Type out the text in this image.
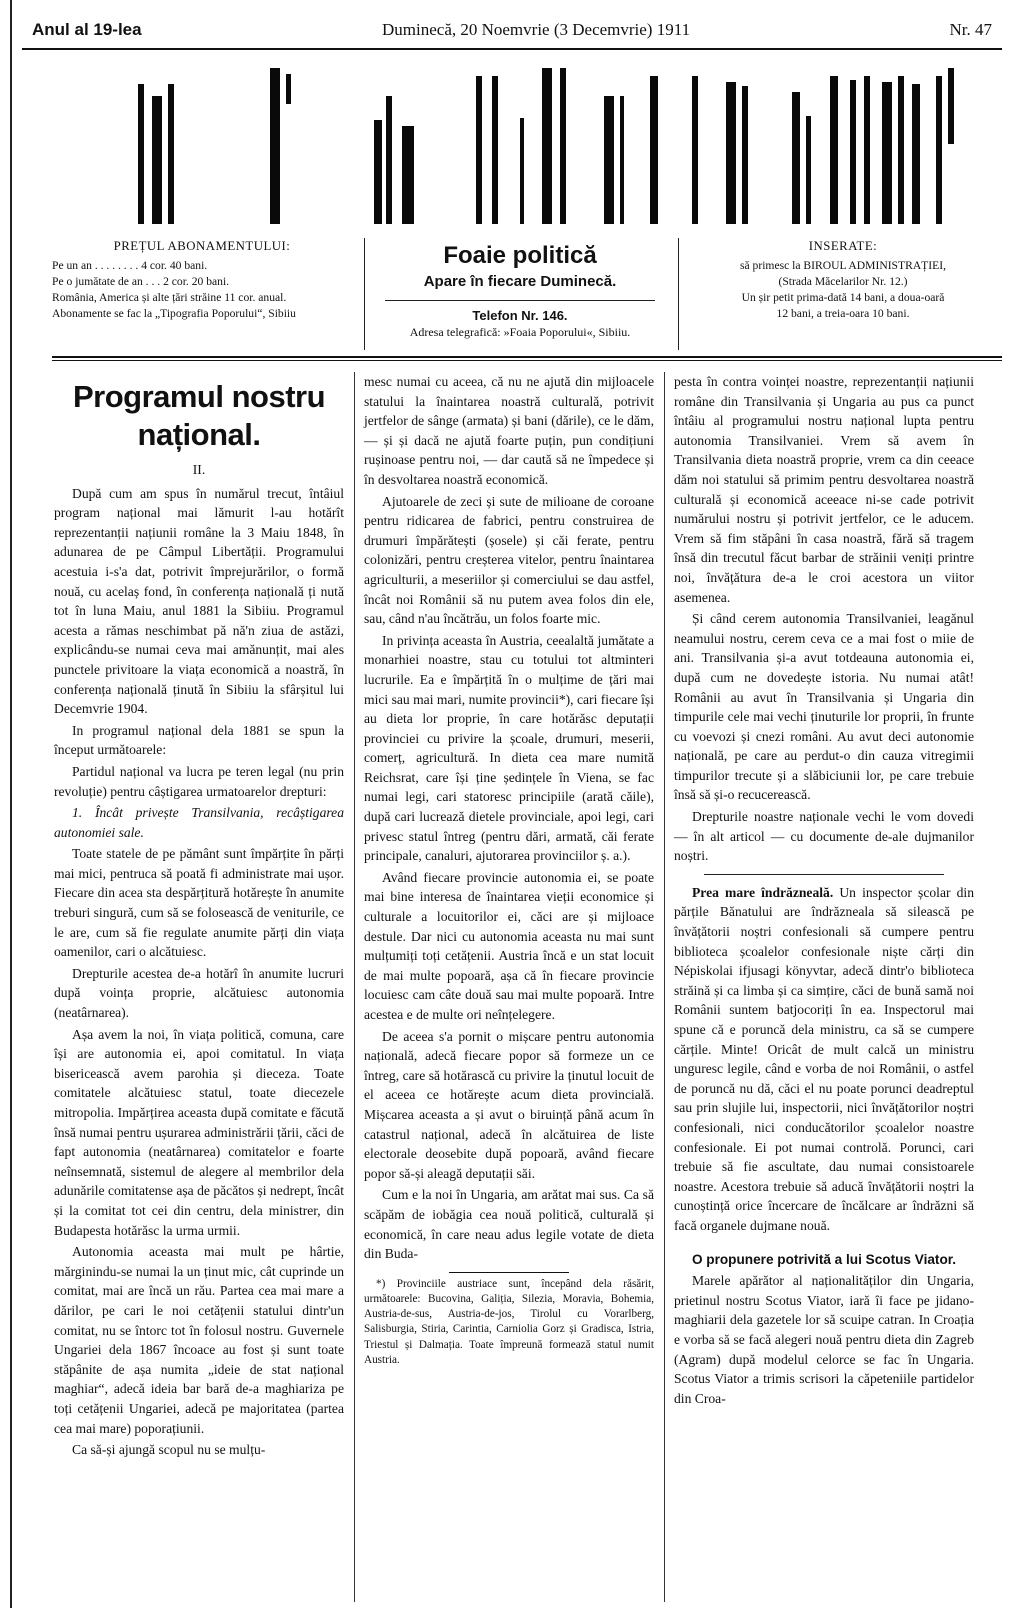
Anul al 19-lea	Duminecă, 20 Noemvrie (3 Decemvrie) 1911	Nr. 47

PREȚUL ABONAMENTULUI:

Pe un an . . . . . . . . 4 cor. 40 bani.

Pe o jumătate de an . . . 2 cor. 20 bani.

România, America și alte țări străine 11 cor. anual.

Abonamente se fac la „Tipografia Poporului“, Sibiiu

Foaie politică

Apare în fiecare Duminecă.

Telefon Nr. 146.

Adresa telegrafică: »Foaia Poporului«, Sibiiu.

INSERATE:

să primesc la BIROUL ADMINISTRAȚIEI,

(Strada Măcelarilor Nr. 12.)

Un șir petit prima-dată 14 bani, a doua-oară

12 bani, a treia-oara 10 bani.

Programul nostru național.

II.

După cum am spus în numărul trecut, întâiul program național mai lămurit l-au hotărît reprezentanții națiunii române la 3 Maiu 1848, în adunarea de pe Câmpul Libertății. Programului acestuia i-s'a dat, potrivit împrejurărilor, o formă nouă, cu acelaș fond, în conferența națională ți nută tot în luna Maiu, anul 1881 la Sibiiu. Programul acesta a rămas neschimbat pă nă'n ziua de astăzi, explicându-se numai ceva mai amănunțit, mai ales punctele privitoare la viața economică a noastră, în conferența națională ținută în Sibiiu la sfârșitul lui Decemvrie 1904.

In programul național dela 1881 se spun la început următoarele:

Partidul național va lucra pe teren legal (nu prin revoluție) pentru câștigarea urmatoarelor drepturi:

1. Încât privește Transilvania, recâștigarea autonomiei sale.

Toate statele de pe pământ sunt împărțite în părți mai mici, pentruca să poată fi administrate mai ușor. Fiecare din acea sta despărțitură hotărește în anumite treburi singură, cum să se folosească de veniturile, ce le are, cum să fie regulate anumite părți din viața oamenilor, cari o alcătuiesc.

Drepturile acestea de-a hotărî în anumite lucruri după voința proprie, alcătuiesc autonomia (neatârnarea).

Așa avem la noi, în viața politică, comuna, care își are autonomia ei, apoi comitatul. In viața bisericească avem parohia și dieceza. Toate comitatele alcătuiesc statul, toate diecezele mitropolia. Impărțirea aceasta după comitate e făcută însă numai pentru ușurarea administrării țării, căci de fapt autonomia (neatârnarea) comitatelor e foarte neînsemnată, sistemul de alegere al membrilor dela adunările comitatense așa de păcătos și nedrept, încât și la comitat tot cei din centru, dela ministrer, din Budapesta hotărăsc la urma urmii.

Autonomia aceasta mai mult pe hârtie, mărginindu-se numai la un ținut mic, cât cuprinde un comitat, mai are încă un rău. Partea cea mai mare a dărilor, pe cari le noi cetățenii statului dintr'un comitat, nu se întorc tot în folosul nostru. Guvernele Ungariei dela 1867 încoace au fost și sunt toate stăpânite de așa numita „ideie de stat național maghiar“, adecă ideia bar bară de-a maghiariza pe toți cetățenii Ungariei, adecă pe majoritatea (partea cea mai mare) poporațiunii.

Ca să-și ajungă scopul nu se mulțu-

mesc numai cu aceea, că nu ne ajută din mijloacele statului la înaintarea noastră culturală, potrivit jertfelor de sânge (armata) și bani (dările), ce le dăm, — și și dacă ne ajută foarte puțin, pun condițiuni rușinoase pentru noi, — dar caută să ne împedece și în desvoltarea noastră economică.

Ajutoarele de zeci și sute de milioane de coroane pentru ridicarea de fabrici, pentru construirea de drumuri împărătești (șosele) și căi ferate, pentru colonizări, pentru creșterea vitelor, pentru înaintarea agriculturii, a meseriilor și comerciului se dau astfel, încât noi Românii să nu putem avea folos din ele, sau, când n'au încătrău, un folos foarte mic.

In privința aceasta în Austria, ceealaltă jumătate a monarhiei noastre, stau cu totului tot altminteri lucrurile. Ea e împărțită în o mulțime de țări mai mici sau mai mari, numite provincii*), cari fiecare își au dieta lor proprie, în care hotărăsc deputații provinciei cu privire la școale, drumuri, meserii, comerț, agricultură. In dieta cea mare numită Reichsrat, care își ține ședințele în Viena, se fac numai legi, cari statoresc principiile (arată căile), după cari lucrează dietele provinciale, apoi legi, cari privesc statul întreg (pentru dări, armată, căi ferate principale, canaluri, ajutorarea provinciilor ș. a.).

Având fiecare provincie autonomia ei, se poate mai bine interesa de înaintarea vieții economice și culturale a locuitorilor ei, căci are și mijloace destule. Dar nici cu autonomia aceasta nu mai sunt mulțumiți toți cetățenii. Austria încă e un stat locuit de mai multe popoară, așa că în fiecare provincie locuiesc cam câte două sau mai multe popoară. Intre acestea e de multe ori neînțelegere.

De aceea s'a pornit o mișcare pentru autonomia națională, adecă fiecare popor să formeze un ce întreg, care să hotărască cu privire la ținutul locuit de el aceea ce hotărește acum dieta provincială. Mișcarea aceasta a și avut o biruință până acum în catastrul național, adecă în alcătuirea de liste electorale deosebite după popoară, având fiecare popor să-și aleagă deputații săi.

Cum e la noi în Ungaria, am arătat mai sus. Ca să scăpăm de iobăgia cea nouă politică, culturală și economică, în care neau adus legile votate de dieta din Buda-

*) Provinciile austriace sunt, începând dela răsărit, următoarele: Bucovina, Galiția, Silezia, Moravia, Bohemia, Austria-de-sus, Austria-de-jos, Tirolul cu Vorarlberg, Salisburgia, Stiria, Carintia, Carniolia Gorz și Gradisca, Istria, Triestul și Dalmația. Toate împreună formează statul numit Austria.

pesta în contra voinței noastre, reprezentanții națiunii române din Transilvania și Ungaria au pus ca punct întâiu al programului nostru național lupta pentru autonomia Transilvaniei. Vrem să avem în Transilvania dieta noastră proprie, vrem ca din ceeace dăm noi statului să primim pentru desvoltarea noastră culturală și economică aceeace ni-se cade potrivit numărului nostru și potrivit jertfelor, ce le aducem. Vrem să fim stăpâni în casa noastră, fără să tragem însă din trecutul făcut barbar de străinii veniți printre noi, învățătura de-a le croi acestora un viitor asemenea.

Și când cerem autonomia Transilvaniei, leagănul neamului nostru, cerem ceva ce a mai fost o miie de ani. Transilvania și-a avut totdeauna autonomia ei, după cum ne dovedește istoria. Nu numai atât! Românii au avut în Transilvania și Ungaria din timpurile cele mai vechi ținuturile lor proprii, în frunte cu voevozi și cnezi români. Au avut deci autonomie națională, pe care au perdut-o din cauza vitregimii timpurilor trecute și a slăbiciunii lor, pe care trebuie însă să și-o recucerească.

Drepturile noastre naționale vechi le vom dovedi — în alt articol — cu documente de-ale dujmanilor noștri.

Prea mare îndrăzneală. Un inspector școlar din părțile Bănatului are îndrăzneala să silească pe învățătorii noștri confesionali să cumpere pentru biblioteca școalelor confesionale niște cărți din Népiskolai ifjusagi könyvtar, adecă dintr'o biblioteca străină și ca limba și ca simțire, căci de bună samă noi Românii suntem batjocoriți în ea. Inspectorul mai spune că e poruncă dela ministru, ca să se cumpere cărțile. Minte! Oricât de mult calcă un ministru unguresc legile, când e vorba de noi Românii, o astfel de poruncă nu dă, căci el nu poate porunci deadreptul sau prin slujile lui, inspectorii, nici învățătorilor noștri confesionali, nici conducătorilor școalelor noastre confesionale. Ei pot numai controlă. Porunci, cari trebuie să fie ascultate, dau numai consistoarele noastre. Acestora trebuie să aducă învățătorii noștri la cunoștință orice încercare de încălcare ar îndrăzni să facă organele dujmane nouă.

O propunere potrivită a lui Scotus Viator.

Marele apărător al naționalităților din Ungaria, prietinul nostru Scotus Viator, iară îi face pe jidano-maghiarii dela gazetele lor să scuipe catran. In Croația e vorba să se facă alegeri nouă pentru dieta din Zagreb (Agram) după modelul celorce se fac în Ungaria. Scotus Viator a trimis scrisori la căpeteniile partidelor din Croa-
